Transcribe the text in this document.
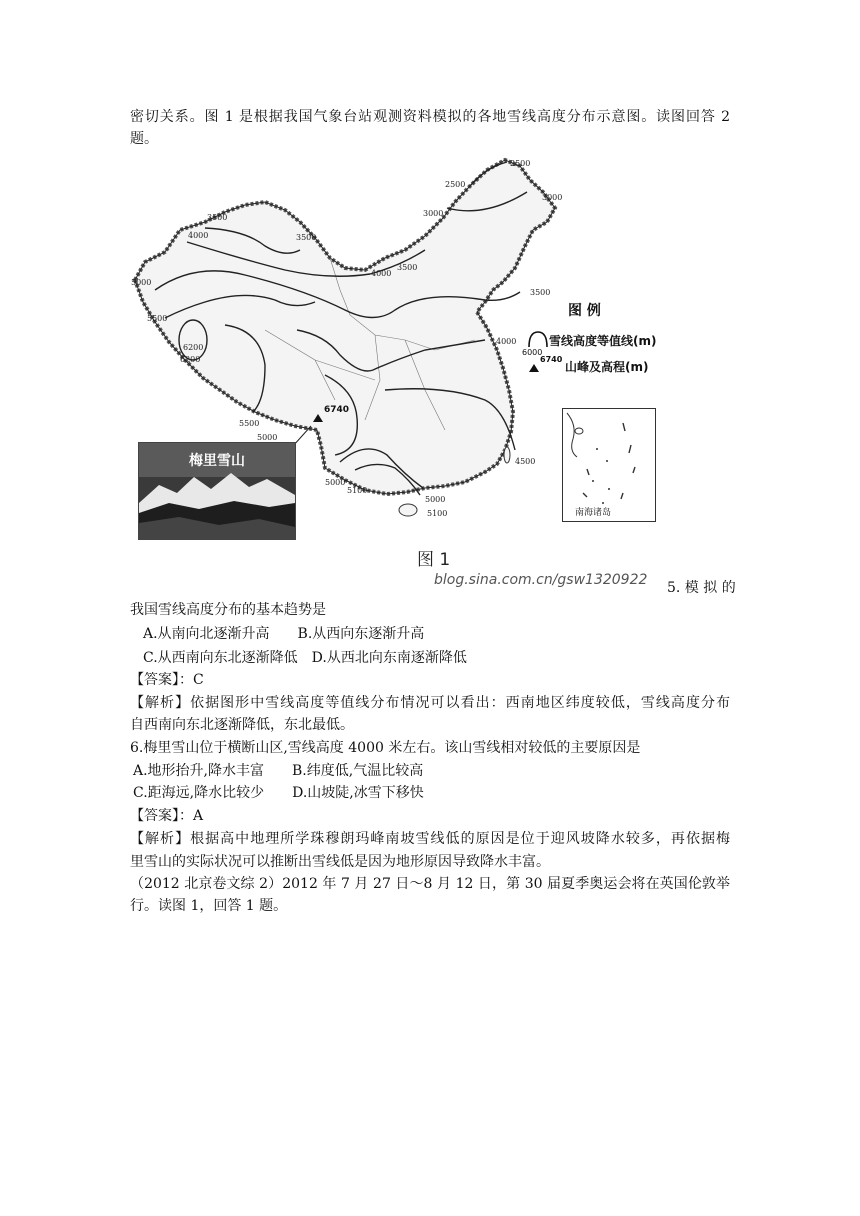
密切关系。图 1 是根据我国气象台站观测资料模拟的各地雪线高度分布示意图。读图回答 2
题。
2500
2500
3000
3000
3500
3500
4000
4000
3500
3500
5000
5500
6200
6200
4000
5500
5000
4500
5000
5100
5000
5100
6740
图 例
雪线高度等值线(m)
6000
6740
山峰及高程(m)
梅里雪山
南海诸岛
图 1
blog.sina.com.cn/gsw1320922 5. 模 拟 的
我国雪线高度分布的基本趋势是
A.从南向北逐渐升高　　B.从西向东逐渐升高
C.从西南向东北逐渐降低　D.从西北向东南逐渐降低
【答案】：C
【解析】依据图形中雪线高度等值线分布情况可以看出：西南地区纬度较低，雪线高度分布
自西南向东北逐渐降低，东北最低。
6.梅里雪山位于横断山区,雪线高度 4000 米左右。该山雪线相对较低的主要原因是
A.地形抬升,降水丰富　　B.纬度低,气温比较高
C.距海远,降水比较少　　D.山坡陡,冰雪下移快
【答案】：A
【解析】根据高中地理所学珠穆朗玛峰南坡雪线低的原因是位于迎风坡降水较多，再依据梅
里雪山的实际状况可以推断出雪线低是因为地形原因导致降水丰富。
（2012 北京卷文综 2）2012 年 7 月 27 日～8 月 12 日，第 30 届夏季奥运会将在英国伦敦举
行。读图 1，回答 1 题。
